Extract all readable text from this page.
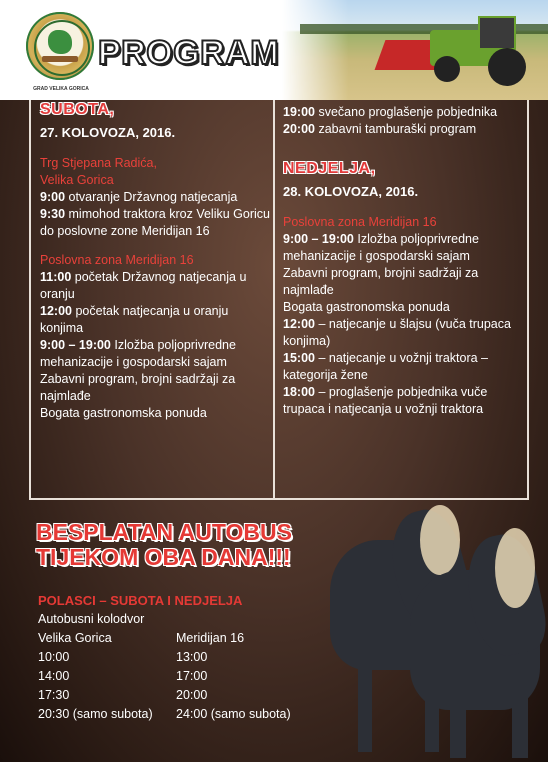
GRAD VELIKA GORICA
PROGRAM
SUBOTA,
27. KOLOVOZA, 2016.

Trg Stjepana Radića,

Velika Gorica

9:00 otvaranje Državnog natjecanja

9:30 mimohod traktora kroz Veliku Goricu do poslovne zone Meridijan 16

Poslovna zona Meridijan 16

11:00 početak Državnog natjecanja u oranju

12:00 početak natjecanja u oranju konjima

9:00 – 19:00 Izložba poljoprivredne mehanizacije i gospodarski sajam

Zabavni program, brojni sadržaji za najmlađe

Bogata gastronomska ponuda

19:00 svečano proglašenje pobjednika

20:00 zabavni tamburaški program

NEDJELJA,
28. KOLOVOZA, 2016.

Poslovna zona Meridijan 16

9:00 – 19:00 Izložba poljoprivredne mehanizacije i gospodarski sajam

Zabavni program, brojni sadržaji za najmlađe

Bogata gastronomska ponuda

12:00 – natjecanje u šlajsu (vuča trupaca konjima)

15:00 – natjecanje u vožnji traktora – kategorija žene

18:00 – proglašenje pobjednika vuče trupaca i natjecanja u vožnji traktora

BESPLATAN AUTOBUS
TIJEKOM OBA DANA!!!
POLASCI – SUBOTA I NEDJELJA
Autobusni kolodvor
Velika Gorica	Meridijan 16
10:00
14:00
17:30
20:30 (samo subota)
13:00
17:00
20:00
24:00 (samo subota)
